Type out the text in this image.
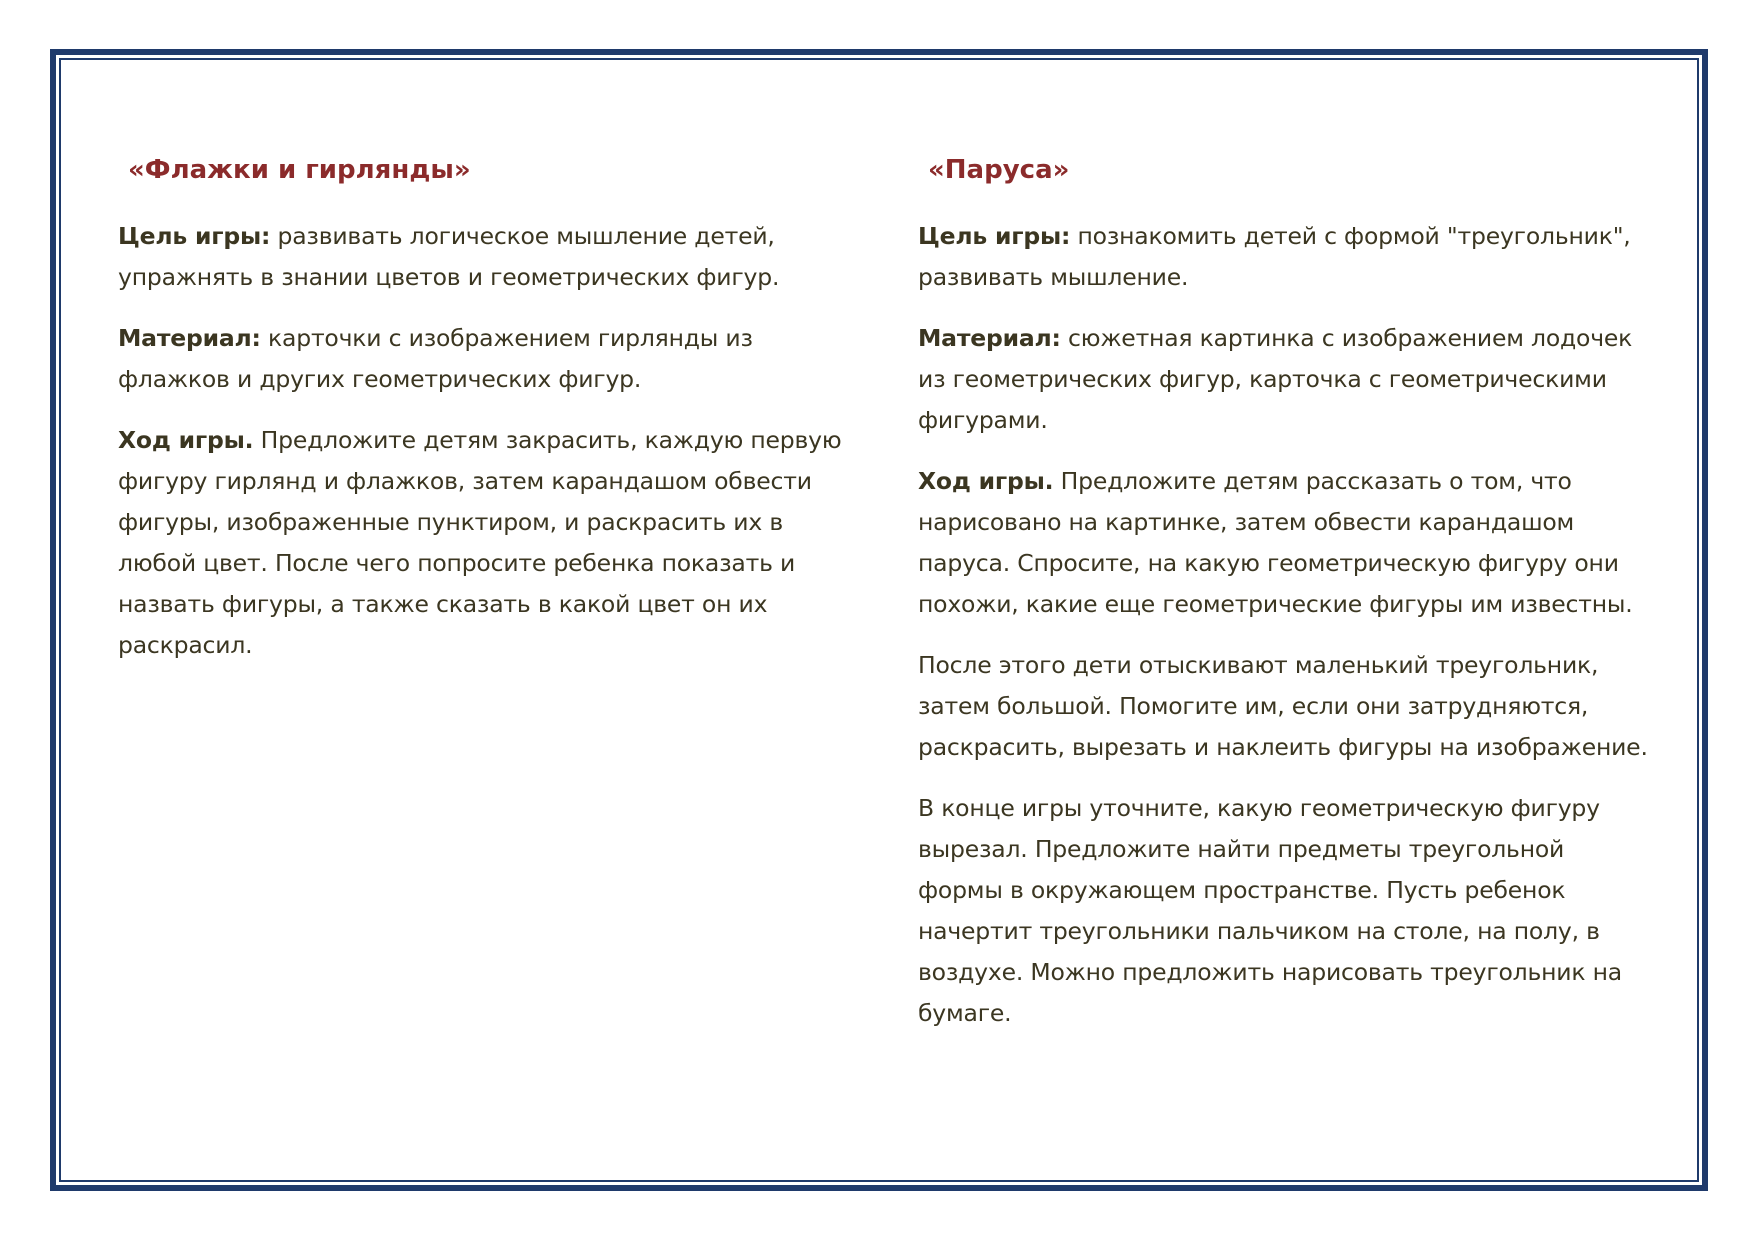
«Флажки и гирлянды»

Цель игры: развивать логическое мышление детей, упражнять в знании цветов и геометрических фигур.

Материал: карточки с изображением гирлянды из флажков и других геометрических фигур.

Ход игры. Предложите детям закрасить, каждую первую фигуру гирлянд и флажков, затем карандашом обвести фигуры, изображенные пунктиром, и раскрасить их в любой цвет. После чего попросите ребенка показать и назвать фигуры, а также сказать в какой цвет он их раскрасил.

«Паруса»

Цель игры: познакомить детей с формой "треугольник", развивать мышление.

Материал: сюжетная картинка с изображением лодочек из геометрических фигур, карточка с геометрическими фигурами.

Ход игры. Предложите детям рассказать о том, что нарисовано на картинке, затем обвести карандашом паруса. Спросите, на какую геометрическую фигуру они похожи, какие еще геометрические фигуры им известны.

После этого дети отыскивают маленький треугольник, затем большой. Помогите им, если они затрудняются, раскрасить, вырезать и наклеить фигуры на изображение.

В конце игры уточните, какую геометрическую фигуру вырезал. Предложите найти предметы треугольной формы в окружающем пространстве. Пусть ребенок начертит треугольники пальчиком на столе, на полу, в воздухе. Можно предложить нарисовать треугольник на бумаге.
